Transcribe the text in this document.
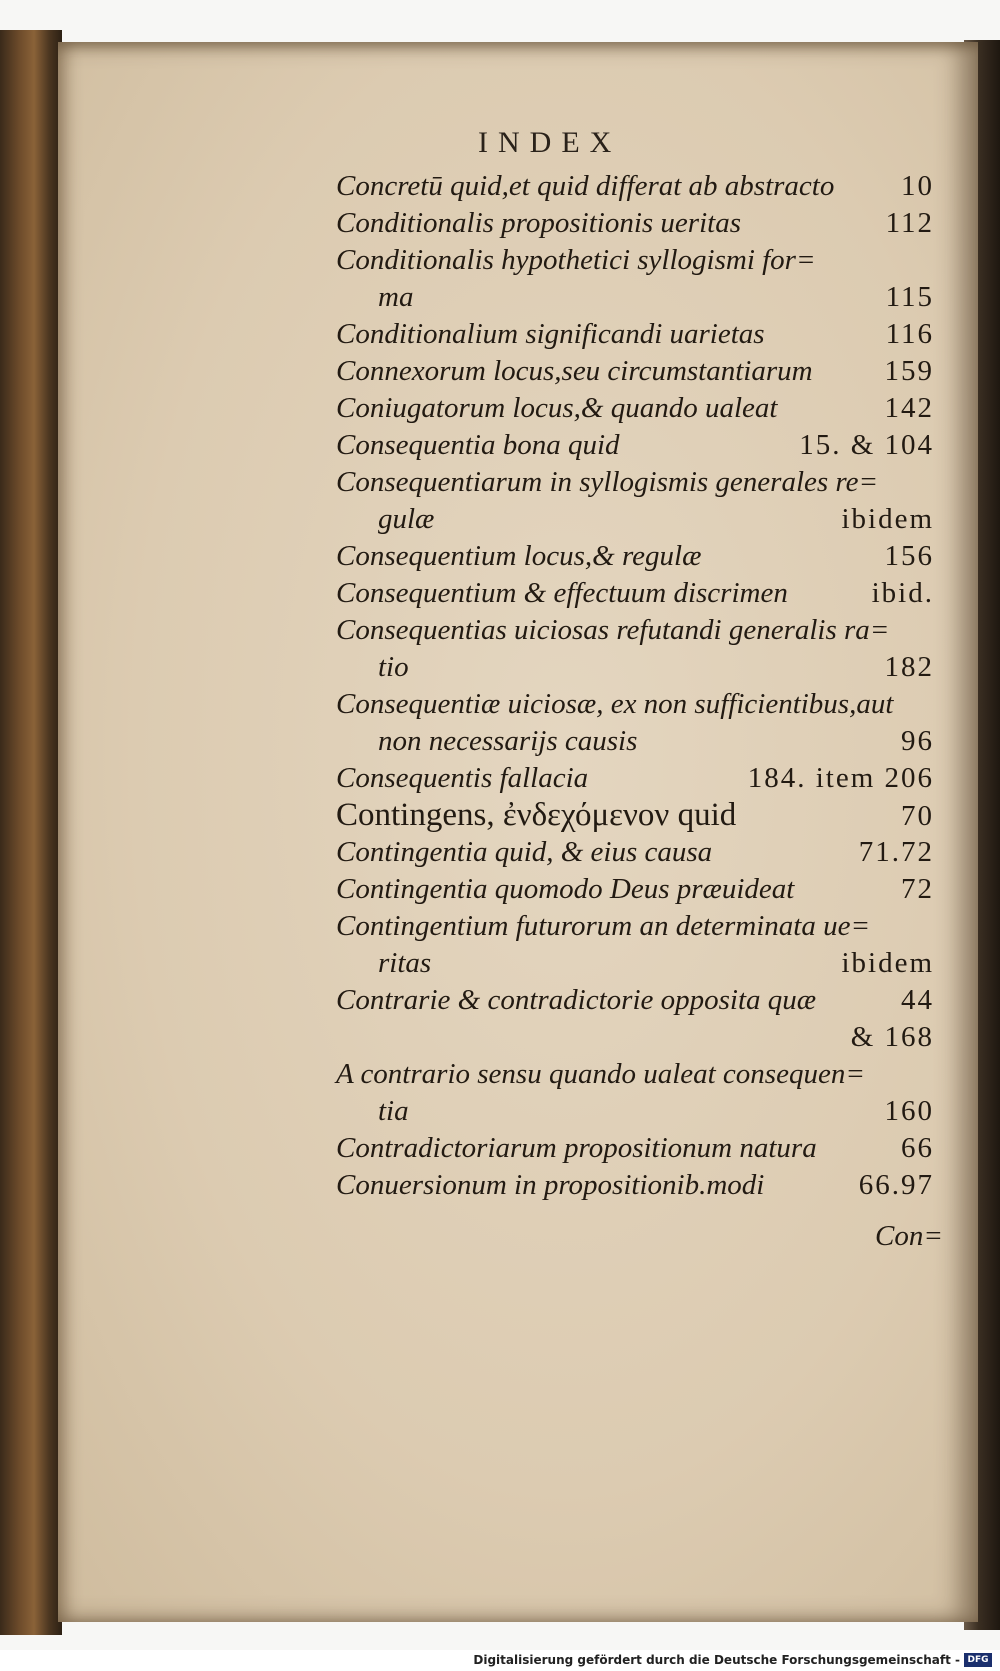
INDEX
Concretū quid,et quid differat ab abstracto 10
Conditionalis propositionis ueritas	112
Conditionalis hypothetici syllogismi for=
ma	115
Conditionalium significandi uarietas	116
Connexorum locus,seu circumstantiarum 159
Coniugatorum locus,& quando ualeat	142
Consequentia bona quid	15. & 104
Consequentiarum in syllogismis generales re=
gulæ	ibidem
Consequentium locus,& regulæ	156
Consequentium & effectuum discrimen	ibid.
Consequentias uiciosas refutandi generalis ra=
tio	182
Consequentiæ uiciosæ, ex non sufficientibus,aut
non necessarijs causis	96
Consequentis fallacia	184. item 206
Contingens, ἐνδεχόμενον quid	70
Contingentia quid, & eius causa	71.72
Contingentia quomodo Deus præuideat	72
Contingentium futurorum an determinata ue=
ritas	ibidem
Contrarie & contradictorie opposita quæ	44
& 168
A contrario sensu quando ualeat consequen=
tia	160
Contradictoriarum propositionum natura	66
Conuersionum in propositionib.modi	66.97
Con=
Digitalisierung gefördert durch die Deutsche Forschungsgemeinschaft - DFG
